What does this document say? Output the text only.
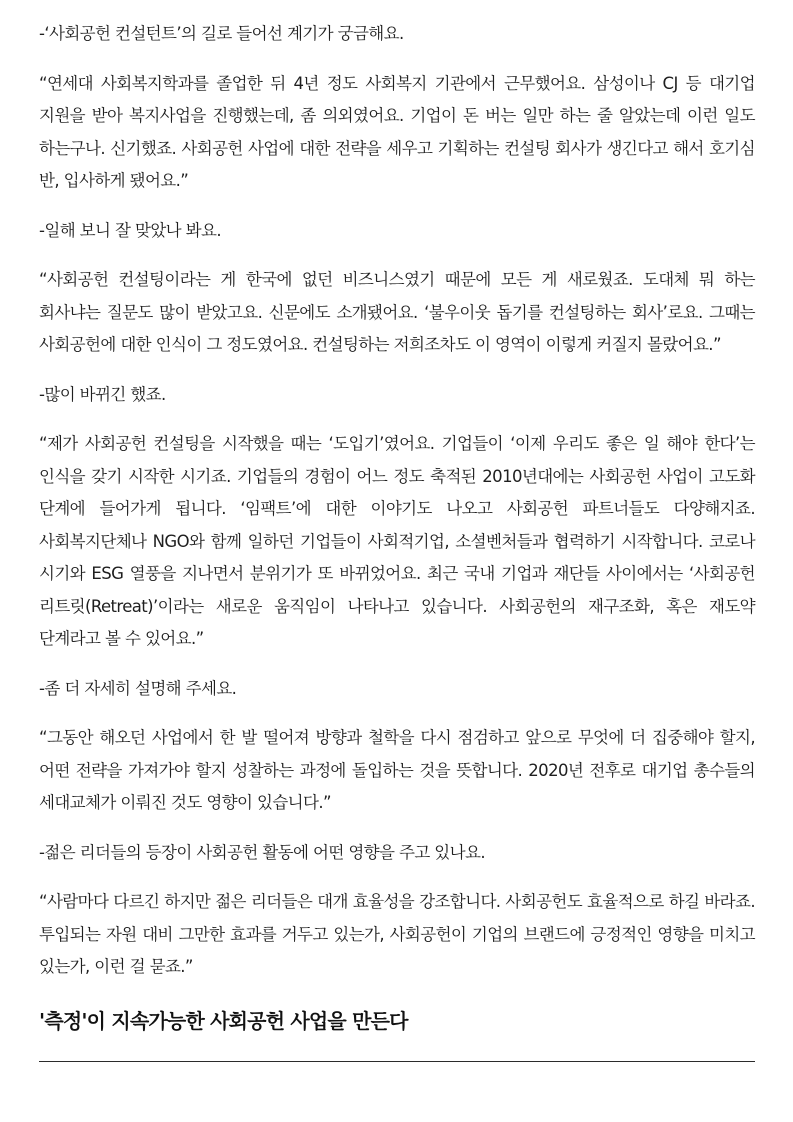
-‘사회공헌 컨설턴트’의 길로 들어선 계기가 궁금해요.

“연세대 사회복지학과를 졸업한 뒤 4년 정도 사회복지 기관에서 근무했어요. 삼성이나 CJ 등 대기업 지원을 받아 복지사업을 진행했는데, 좀 의외였어요. 기업이 돈 버는 일만 하는 줄 알았는데 이런 일도 하는구나. 신기했죠. 사회공헌 사업에 대한 전략을 세우고 기획하는 컨설팅 회사가 생긴다고 해서 호기심 반, 입사하게 됐어요.”

-일해 보니 잘 맞았나 봐요.

“사회공헌 컨설팅이라는 게 한국에 없던 비즈니스였기 때문에 모든 게 새로웠죠. 도대체 뭐 하는 회사냐는 질문도 많이 받았고요. 신문에도 소개됐어요. ‘불우이웃 돕기를 컨설팅하는 회사’로요. 그때는 사회공헌에 대한 인식이 그 정도였어요. 컨설팅하는 저희조차도 이 영역이 이렇게 커질지 몰랐어요.”

-많이 바뀌긴 했죠.

“제가 사회공헌 컨설팅을 시작했을 때는 ‘도입기’였어요. 기업들이 ‘이제 우리도 좋은 일 해야 한다’는 인식을 갖기 시작한 시기죠. 기업들의 경험이 어느 정도 축적된 2010년대에는 사회공헌 사업이 고도화 단계에 들어가게 됩니다. ‘임팩트’에 대한 이야기도 나오고 사회공헌 파트너들도 다양해지죠. 사회복지단체나 NGO와 함께 일하던 기업들이 사회적기업, 소셜벤처들과 협력하기 시작합니다. 코로나 시기와 ESG 열풍을 지나면서 분위기가 또 바뀌었어요. 최근 국내 기업과 재단들 사이에서는 ‘사회공헌 리트릿(Retreat)’이라는 새로운 움직임이 나타나고 있습니다. 사회공헌의 재구조화, 혹은 재도약 단계라고 볼 수 있어요.”

-좀 더 자세히 설명해 주세요.

“그동안 해오던 사업에서 한 발 떨어져 방향과 철학을 다시 점검하고 앞으로 무엇에 더 집중해야 할지, 어떤 전략을 가져가야 할지 성찰하는 과정에 돌입하는 것을 뜻합니다. 2020년 전후로 대기업 총수들의 세대교체가 이뤄진 것도 영향이 있습니다.”

-젊은 리더들의 등장이 사회공헌 활동에 어떤 영향을 주고 있나요.

“사람마다 다르긴 하지만 젊은 리더들은 대개 효율성을 강조합니다. 사회공헌도 효율적으로 하길 바라죠. 투입되는 자원 대비 그만한 효과를 거두고 있는가, 사회공헌이 기업의 브랜드에 긍정적인 영향을 미치고 있는가, 이런 걸 묻죠.”

'측정'이 지속가능한 사회공헌 사업을 만든다
